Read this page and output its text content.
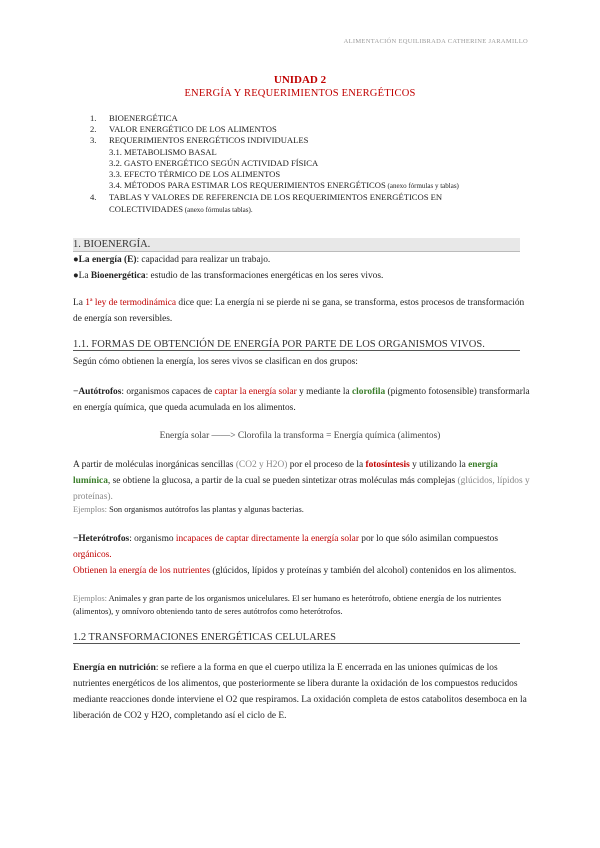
ALIMENTACIÓN EQUILIBRADA CATHERINE JARAMILLO
UNIDAD 2
ENERGÍA Y REQUERIMIENTOS ENERGÉTICOS
1. BIOENERGÉTICA
2. VALOR ENERGÉTICO DE LOS ALIMENTOS
3. REQUERIMIENTOS ENERGÉTICOS INDIVIDUALES
3.1. METABOLISMO BASAL
3.2. GASTO ENERGÉTICO SEGÚN ACTIVIDAD FÍSICA
3.3. EFECTO TÉRMICO DE LOS ALIMENTOS
3.4. MÉTODOS PARA ESTIMAR LOS REQUERIMIENTOS ENERGÉTICOS (anexo fórmulas y tablas)
4. TABLAS Y VALORES DE REFERENCIA DE LOS REQUERIMIENTOS ENERGÉTICOS EN
COLECTIVIDADES (anexo fórmulas tablas).
1. BIOENERGÍA.
●La energía (E): capacidad para realizar un trabajo.
●La Bioenergética: estudio de las transformaciones energéticas en los seres vivos.
La 1ª ley de termodinámica dice que: La energía ni se pierde ni se gana, se transforma, estos procesos de transformación de energía son reversibles.
1.1. FORMAS DE OBTENCIÓN DE ENERGÍA POR PARTE DE LOS ORGANISMOS VIVOS.
Según cómo obtienen la energía, los seres vivos se clasifican en dos grupos:
−Autótrofos: organismos capaces de captar la energía solar y mediante la clorofila (pigmento fotosensible) transformarla en energía química, que queda acumulada en los alimentos.
Energía solar ——> Clorofila la transforma = Energía química (alimentos)
A partir de moléculas inorgánicas sencillas (CO2 y H2O) por el proceso de la fotosíntesis y utilizando la energía lumínica, se obtiene la glucosa, a partir de la cual se pueden sintetizar otras moléculas más complejas (glúcidos, lípidos y proteínas).
Ejemplos: Son organismos autótrofos las plantas y algunas bacterias.
−Heterótrofos: organismo incapaces de captar directamente la energía solar por lo que sólo asimilan compuestos orgánicos.
Obtienen la energía de los nutrientes (glúcidos, lípidos y proteínas y también del alcohol) contenidos en los alimentos.
Ejemplos: Animales y gran parte de los organismos unicelulares. El ser humano es heterótrofo, obtiene energía de los nutrientes (alimentos), y omnívoro obteniendo tanto de seres autótrofos como heterótrofos.
1.2 TRANSFORMACIONES ENERGÉTICAS CELULARES
Energía en nutrición: se refiere a la forma en que el cuerpo utiliza la E encerrada en las uniones químicas de los nutrientes energéticos de los alimentos, que posteriormente se libera durante la oxidación de los compuestos reducidos mediante reacciones donde interviene el O2 que respiramos. La oxidación completa de estos catabolitos desemboca en la liberación de CO2 y H2O, completando así el ciclo de E.
